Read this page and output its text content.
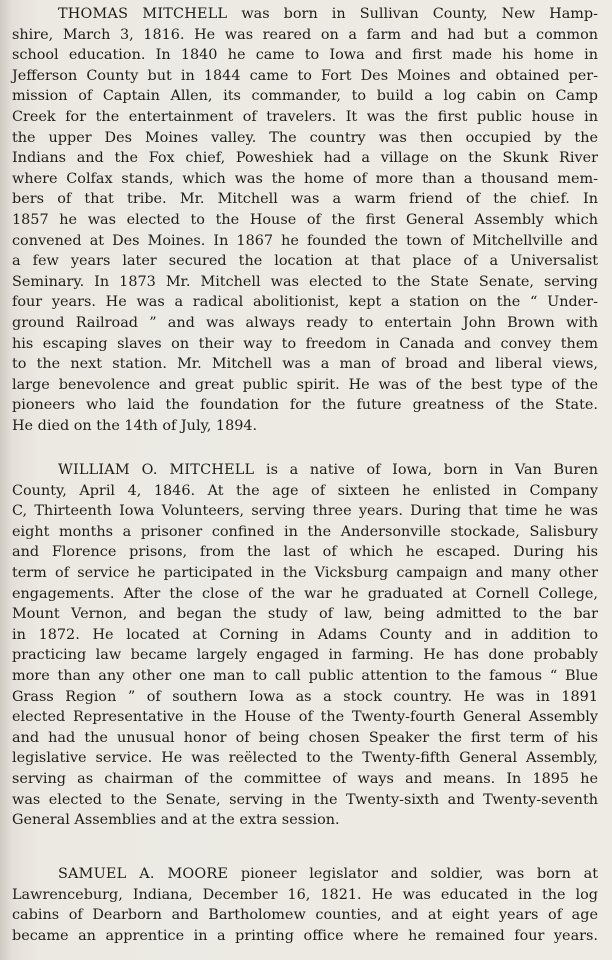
THOMAS MITCHELL was born in Sullivan County, New Hamp-
shire, March 3, 1816. He was reared on a farm and had but a common
school education. In 1840 he came to Iowa and first made his home in
Jefferson County but in 1844 came to Fort Des Moines and obtained per-
mission of Captain Allen, its commander, to build a log cabin on Camp
Creek for the entertainment of travelers. It was the first public house in
the upper Des Moines valley. The country was then occupied by the
Indians and the Fox chief, Poweshiek had a village on the Skunk River
where Colfax stands, which was the home of more than a thousand mem-
bers of that tribe. Mr. Mitchell was a warm friend of the chief. In
1857 he was elected to the House of the first General Assembly which
convened at Des Moines. In 1867 he founded the town of Mitchellville and
a few years later secured the location at that place of a Universalist
Seminary. In 1873 Mr. Mitchell was elected to the State Senate, serving
four years. He was a radical abolitionist, kept a station on the “ Under-
ground Railroad ” and was always ready to entertain John Brown with
his escaping slaves on their way to freedom in Canada and convey them
to the next station. Mr. Mitchell was a man of broad and liberal views,
large benevolence and great public spirit. He was of the best type of the
pioneers who laid the foundation for the future greatness of the State.
He died on the 14th of July, 1894.
WILLIAM O. MITCHELL is a native of Iowa, born in Van Buren
County, April 4, 1846. At the age of sixteen he enlisted in Company
C, Thirteenth Iowa Volunteers, serving three years. During that time he was
eight months a prisoner confined in the Andersonville stockade, Salisbury
and Florence prisons, from the last of which he escaped. During his
term of service he participated in the Vicksburg campaign and many other
engagements. After the close of the war he graduated at Cornell College,
Mount Vernon, and began the study of law, being admitted to the bar
in 1872. He located at Corning in Adams County and in addition to
practicing law became largely engaged in farming. He has done probably
more than any other one man to call public attention to the famous “ Blue
Grass Region ” of southern Iowa as a stock country. He was in 1891
elected Representative in the House of the Twenty-fourth General Assembly
and had the unusual honor of being chosen Speaker the first term of his
legislative service. He was reëlected to the Twenty-fifth General Assembly,
serving as chairman of the committee of ways and means. In 1895 he
was elected to the Senate, serving in the Twenty-sixth and Twenty-seventh
General Assemblies and at the extra session.
SAMUEL A. MOORE pioneer legislator and soldier, was born at
Lawrenceburg, Indiana, December 16, 1821. He was educated in the log
cabins of Dearborn and Bartholomew counties, and at eight years of age
became an apprentice in a printing office where he remained four years.
